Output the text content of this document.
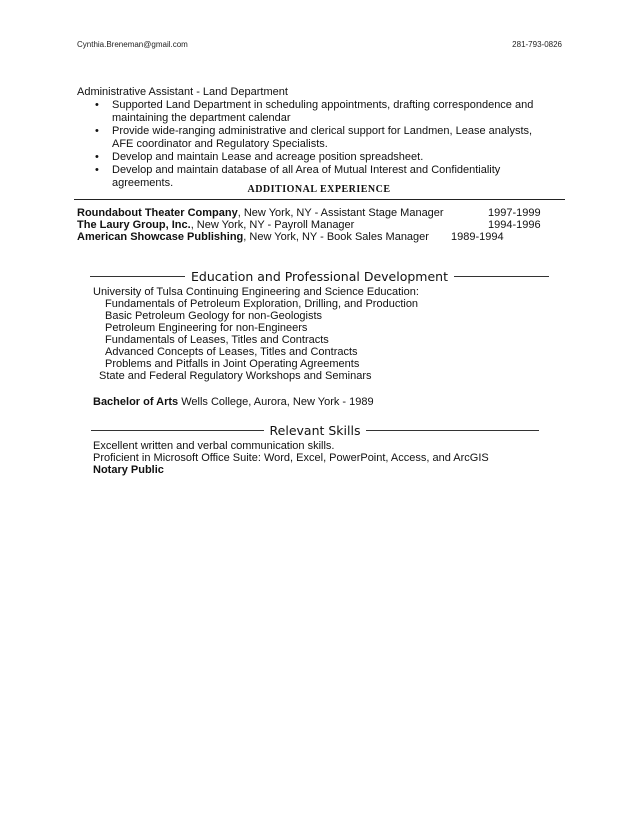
Cynthia.Breneman@gmail.com	281-793-0826
Administrative Assistant - Land Department
• Supported Land Department in scheduling appointments, drafting correspondence and maintaining the department calendar
• Provide wide-ranging administrative and clerical support for Landmen, Lease analysts, AFE coordinator and Regulatory Specialists.
• Develop and maintain Lease and acreage position spreadsheet.
• Develop and maintain database of all Area of Mutual Interest and Confidentiality agreements.
ADDITIONAL EXPERIENCE
Roundabout Theater Company, New York, NY - Assistant Stage Manager	1997-1999
The Laury Group, Inc., New York, NY - Payroll Manager	1994-1996
American Showcase Publishing, New York, NY - Book Sales Manager 1989-1994
Education and Professional Development
University of Tulsa Continuing Engineering and Science Education:
Fundamentals of Petroleum Exploration, Drilling, and Production
Basic Petroleum Geology for non-Geologists
Petroleum Engineering for non-Engineers
Fundamentals of Leases, Titles and Contracts
Advanced Concepts of Leases, Titles and Contracts
Problems and Pitfalls in Joint Operating Agreements
State and Federal Regulatory Workshops and Seminars
Bachelor of Arts Wells College, Aurora, New York - 1989
Relevant Skills
Excellent written and verbal communication skills.
Proficient in Microsoft Office Suite: Word, Excel, PowerPoint, Access, and ArcGIS
Notary Public
